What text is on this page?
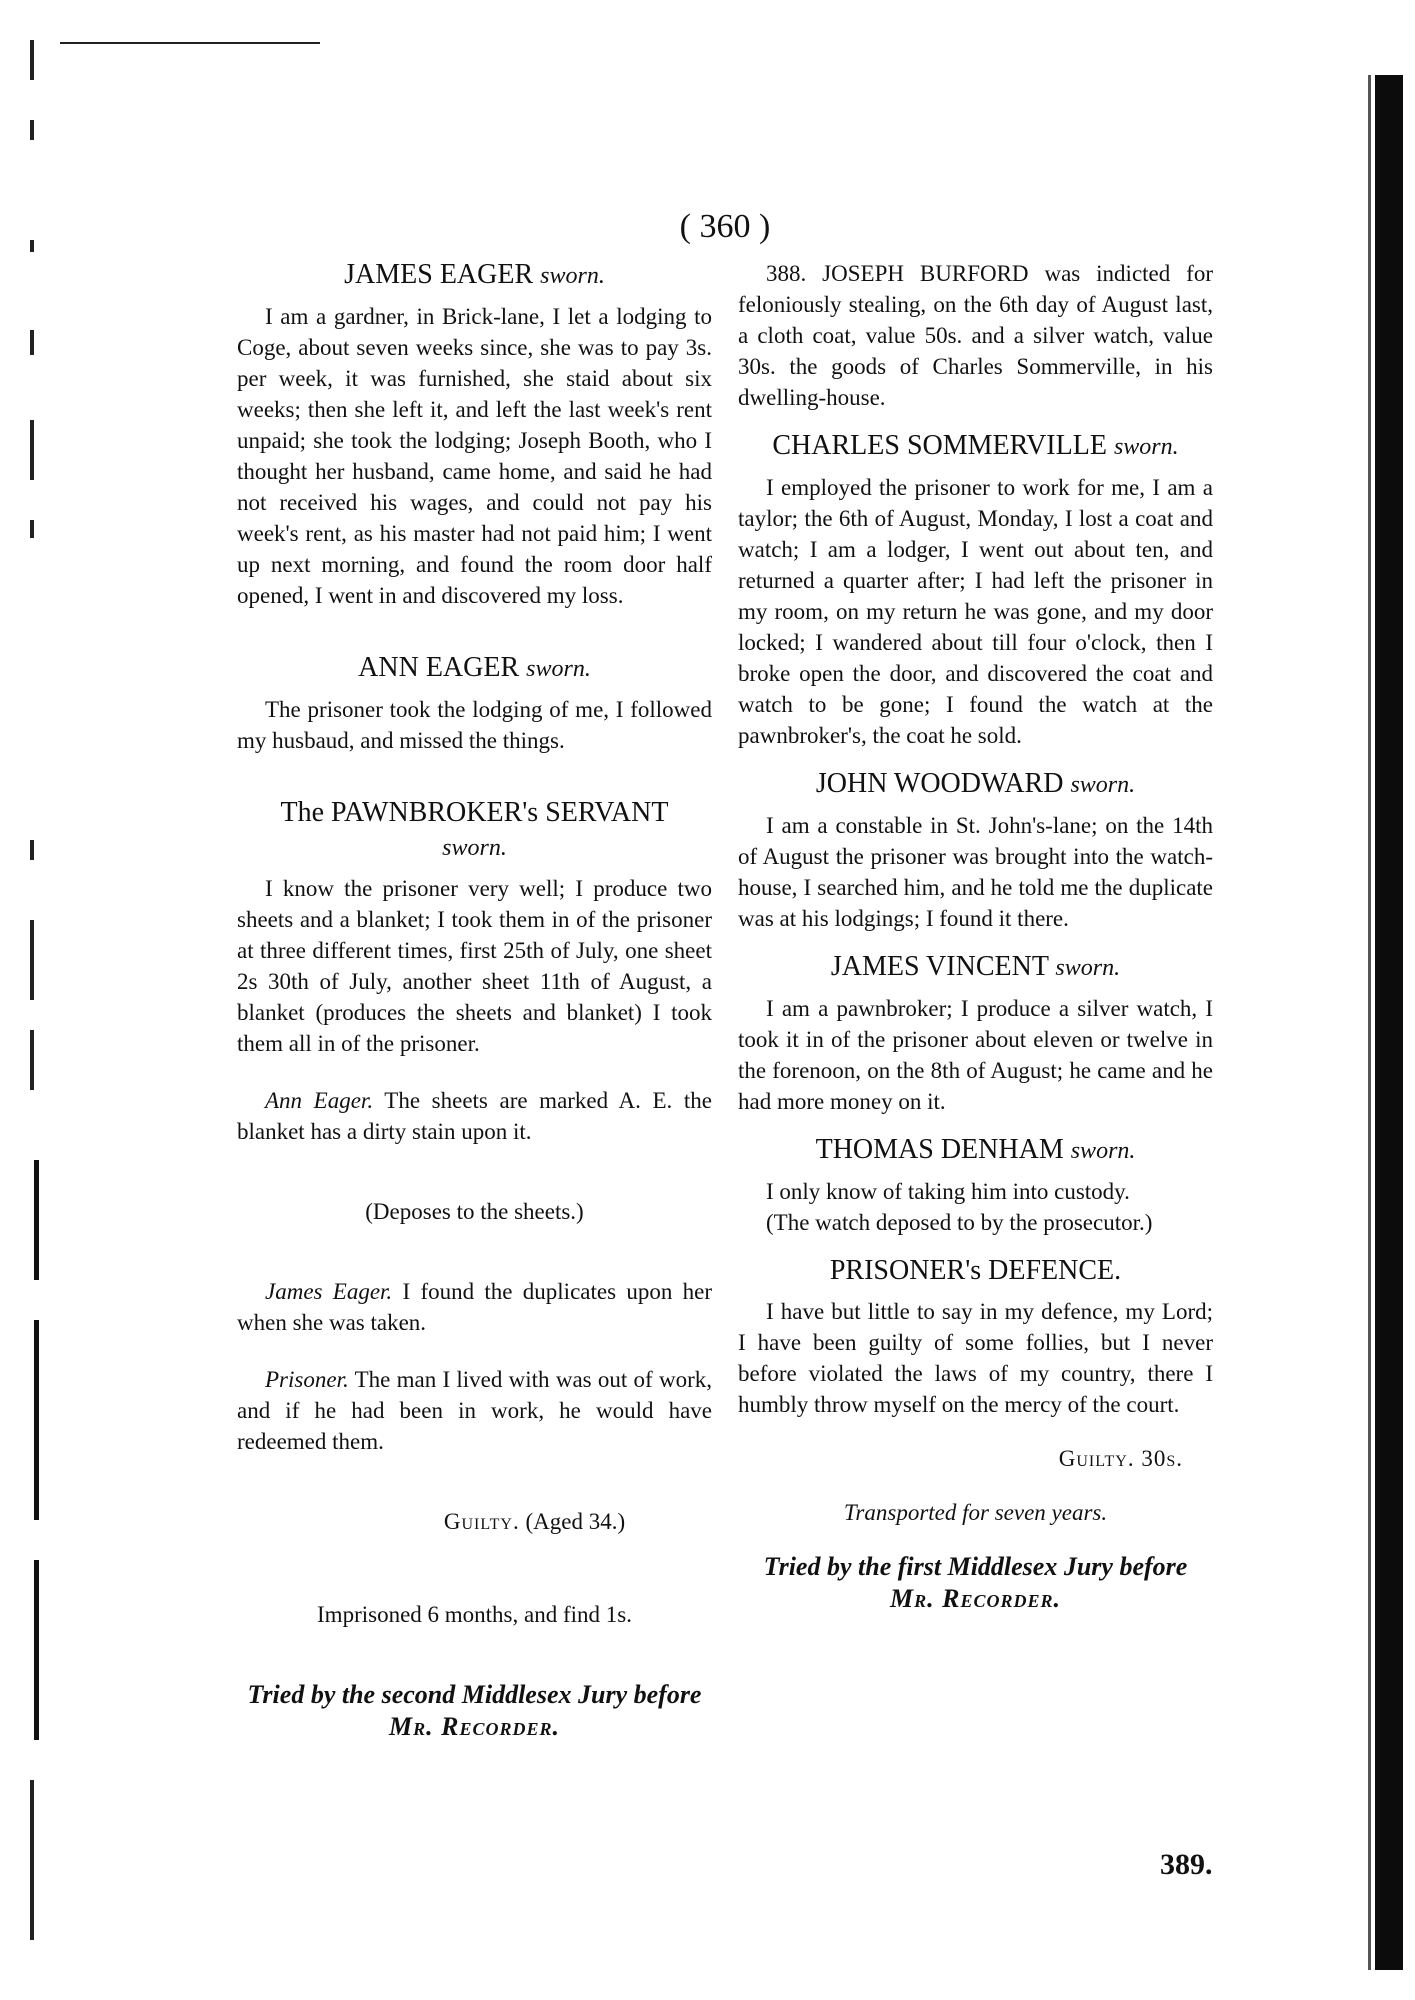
( 360 )
JAMES EAGER sworn.

I am a gardner, in Brick-lane, I let a lodging to Coge, about seven weeks since, she was to pay 3s. per week, it was furnished, she staid about six weeks; then she left it, and left the last week's rent unpaid; she took the lodging; Joseph Booth, who I thought her husband, came home, and said he had not received his wages, and could not pay his week's rent, as his master had not paid him; I went up next morning, and found the room door half opened, I went in and discovered my loss.

ANN EAGER sworn.

The prisoner took the lodging of me, I followed my husbaud, and missed the things.

The PAWNBROKER's SERVANT
sworn.

I know the prisoner very well; I produce two sheets and a blanket; I took them in of the prisoner at three different times, first 25th of July, one sheet 2s 30th of July, another sheet 11th of August, a blanket (produces the sheets and blanket) I took them all in of the prisoner.

Ann Eager. The sheets are marked A. E. the blanket has a dirty stain upon it.

(Deposes to the sheets.)

James Eager. I found the duplicates upon her when she was taken.

Prisoner. The man I lived with was out of work, and if he had been in work, he would have redeemed them.

Guilty. (Aged 34.)

Imprisoned 6 months, and find 1s.

Tried by the second Middlesex Jury before
Mr. Recorder.

388. JOSEPH BURFORD was indicted for feloniously stealing, on the 6th day of August last, a cloth coat, value 50s. and a silver watch, value 30s. the goods of Charles Sommerville, in his dwelling-house.

CHARLES SOMMERVILLE sworn.

I employed the prisoner to work for me, I am a taylor; the 6th of August, Monday, I lost a coat and watch; I am a lodger, I went out about ten, and returned a quarter after; I had left the prisoner in my room, on my return he was gone, and my door locked; I wandered about till four o'clock, then I broke open the door, and discovered the coat and watch to be gone; I found the watch at the pawnbroker's, the coat he sold.

JOHN WOODWARD sworn.

I am a constable in St. John's-lane; on the 14th of August the prisoner was brought into the watch-house, I searched him, and he told me the duplicate was at his lodgings; I found it there.

JAMES VINCENT sworn.

I am a pawnbroker; I produce a silver watch, I took it in of the prisoner about eleven or twelve in the forenoon, on the 8th of August; he came and he had more money on it.

THOMAS DENHAM sworn.

I only know of taking him into custody.

(The watch deposed to by the prosecutor.)

PRISONER's DEFENCE.

I have but little to say in my defence, my Lord; I have been guilty of some follies, but I never before violated the laws of my country, there I humbly throw myself on the mercy of the court.

Guilty. 30s.

Transported for seven years.

Tried by the first Middlesex Jury before
Mr. Recorder.
389.
